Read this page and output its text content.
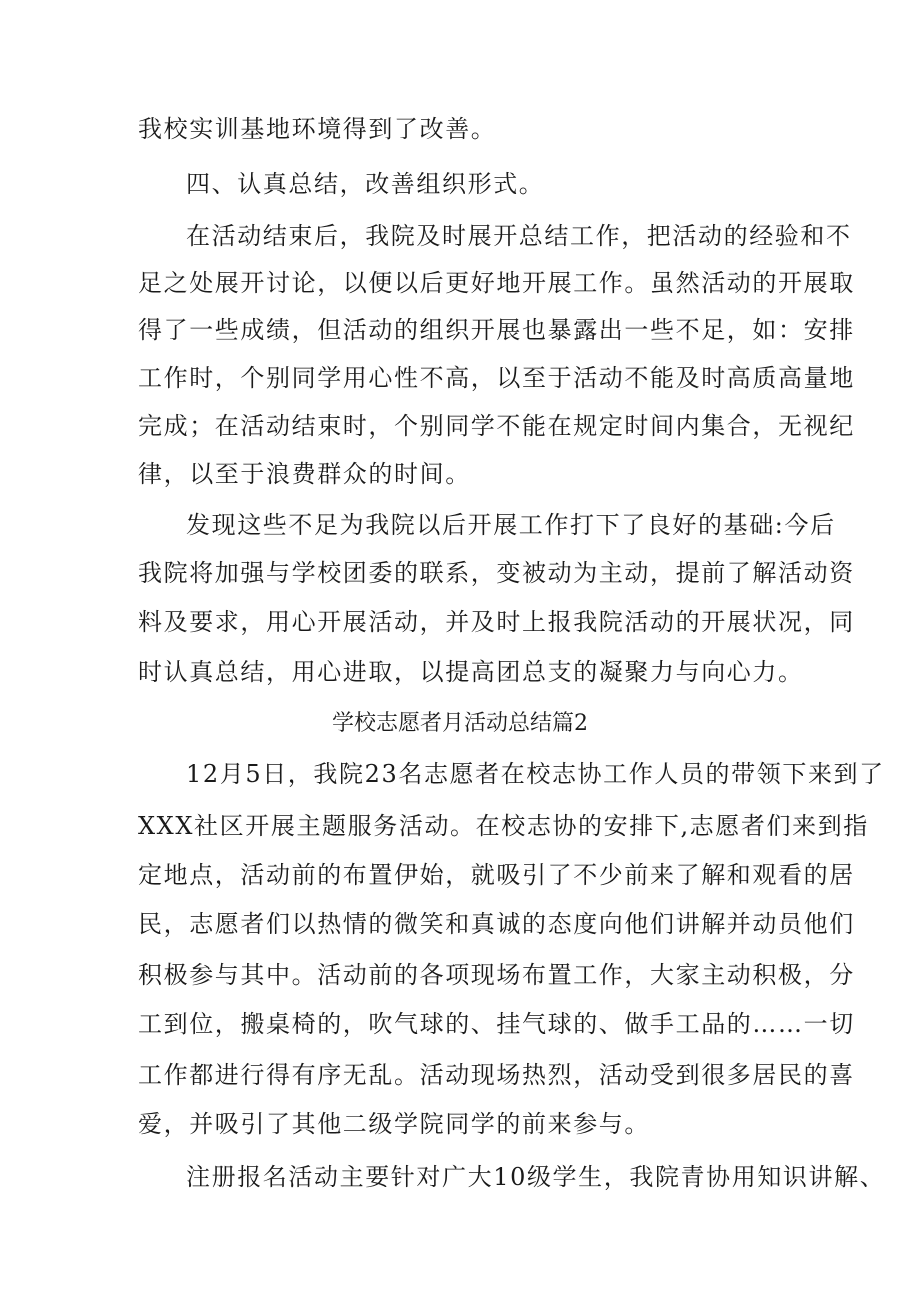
我校实训基地环境得到了改善。
四、认真总结，改善组织形式。
在活动结束后，我院及时展开总结工作，把活动的经验和不
足之处展开讨论，以便以后更好地开展工作。虽然活动的开展取
得了一些成绩，但活动的组织开展也暴露出一些不足，如：安排
工作时，个别同学用心性不高，以至于活动不能及时高质高量地
完成；在活动结束时，个别同学不能在规定时间内集合，无视纪
律，以至于浪费群众的时间。
发现这些不足为我院以后开展工作打下了良好的基础:今后
我院将加强与学校团委的联系，变被动为主动，提前了解活动资
料及要求，用心开展活动，并及时上报我院活动的开展状况，同
时认真总结，用心进取，以提高团总支的凝聚力与向心力。
学校志愿者月活动总结篇2
12月5日，我院23名志愿者在校志协工作人员的带领下来到了
XXX社区开展主题服务活动。在校志协的安排下,志愿者们来到指
定地点，活动前的布置伊始，就吸引了不少前来了解和观看的居
民，志愿者们以热情的微笑和真诚的态度向他们讲解并动员他们
积极参与其中。活动前的各项现场布置工作，大家主动积极，分
工到位，搬桌椅的，吹气球的、挂气球的、做手工品的……一切
工作都进行得有序无乱。活动现场热烈，活动受到很多居民的喜
爱，并吸引了其他二级学院同学的前来参与。
注册报名活动主要针对广大10级学生，我院青协用知识讲解、
